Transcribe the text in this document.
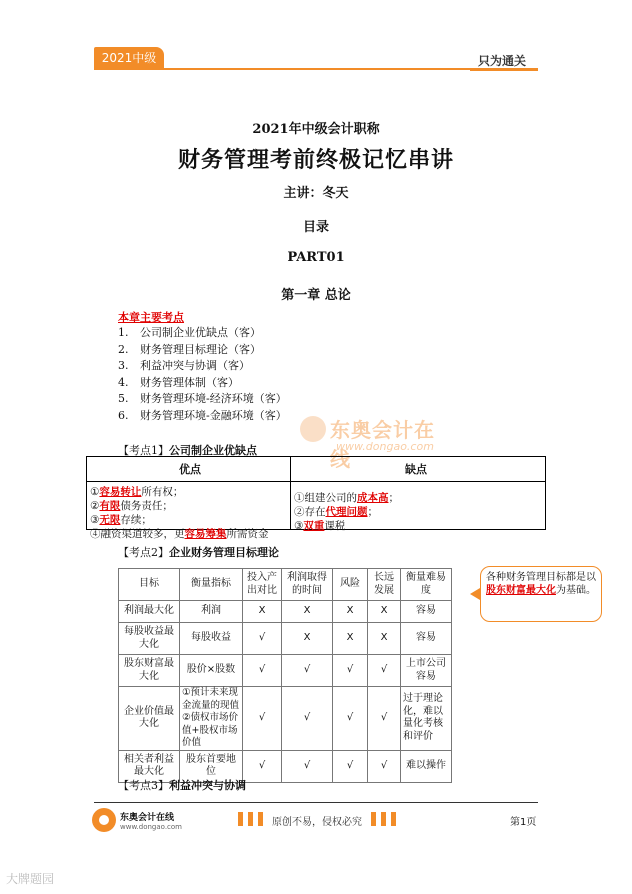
2021中级	只为通关
2021年中级会计职称
财务管理考前终极记忆串讲
主讲：冬天
目录
PART01
第一章 总论
本章主要考点
1. 公司制企业优缺点（客）
2. 财务管理目标理论（客）
3. 利益冲突与协调（客）
4. 财务管理体制（客）
5. 财务管理环境-经济环境（客）
6. 财务管理环境-金融环境（客）
东奥会计在线
www.dongao.com
【考点1】公司制企业优缺点
优点	缺点
①容易转让所有权；
②有限债务责任；
③无限存续；
④融资渠道较多，更容易筹集所需资金
①组建公司的成本高；
②存在代理问题；
③双重课税
【考点2】企业财务管理目标理论
目标	衡量指标	投入产出对比	利润取得的时间	风险	长远发展	衡量难易度
利润最大化	利润	X	X	X	X	容易
每股收益最大化	每股收益	√	X	X	X	容易
股东财富最大化	股价×股数	√	√	√	√	上市公司容易
企业价值最大化	①预计未来现金流量的现值 ②债权市场价值+股权市场价值	√	√	√	√	过于理论化，难以量化考核和评价
相关者利益最大化	股东首要地位	√	√	√	√	难以操作
各种财务管理目标都是以股东财富最大化为基础。
【考点3】利益冲突与协调
东奥会计在线
www.dongao.com	原创不易，侵权必究	第1页
大牌题园
